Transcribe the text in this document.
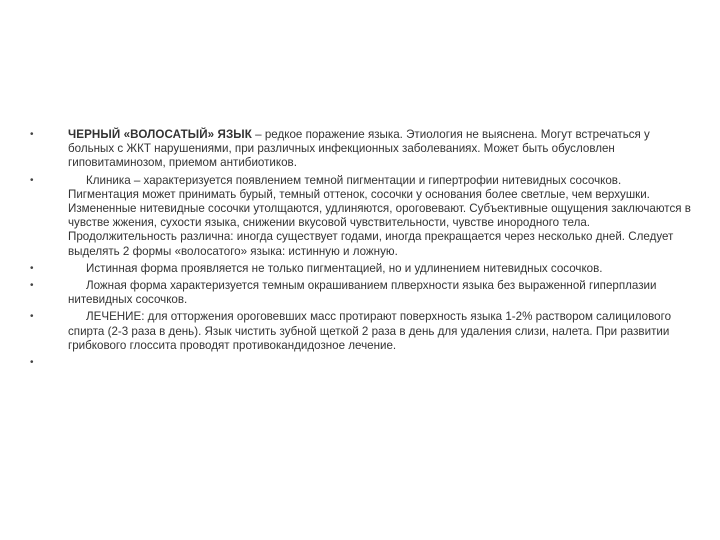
•	ЧЕРНЫЙ «ВОЛОСАТЫЙ» ЯЗЫК – редкое поражение языка. Этиология не выяснена. Могут встречаться у больных с ЖКТ нарушениями, при различных инфекционных заболеваниях. Может быть обусловлен гиповитаминозом, приемом антибиотиков.
•	Клиника – характеризуется появлением темной пигментации и гипертрофии нитевидных сосочков. Пигментация может принимать бурый, темный оттенок, сосочки у основания более светлые, чем верхушки. Измененные нитевидные сосочки утолщаются, удлиняются, ороговевают. Субъективные ощущения заключаются в чувстве жжения, сухости языка, снижении вкусовой чувствительности, чувстве инородного тела. Продолжительность различна: иногда существует годами, иногда прекращается через несколько дней. Следует выделять 2 формы «волосатого» языка: истинную и ложную.
•	Истинная форма проявляется не только пигментацией, но и удлинением нитевидных сосочков.
•	Ложная форма характеризуется темным окрашиванием плверхности языка без выраженной гиперплазии нитевидных сосочков.
•	ЛЕЧЕНИЕ: для отторжения ороговевших масс протирают поверхность языка 1-2% раствором салицилового спирта (2-3 раза в день). Язык чистить зубной щеткой 2 раза в день для удаления слизи, налета. При развитии грибкового глоссита проводят противокандидозное лечение.
•
